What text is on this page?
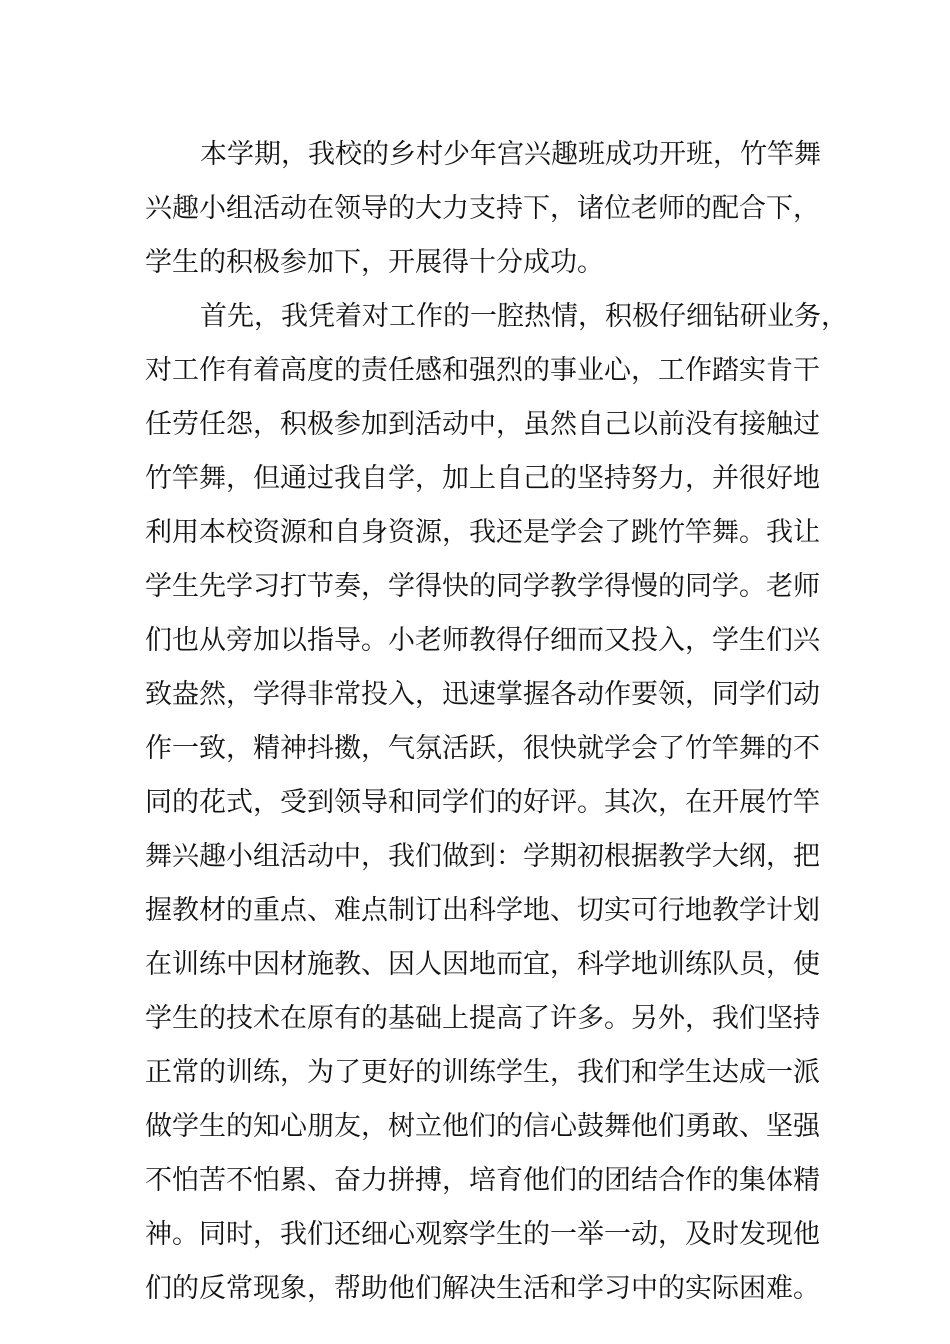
本学期，我校的乡村少年宫兴趣班成功开班，竹竿舞
兴趣小组活动在领导的大力支持下，诸位老师的配合下，
学生的积极参加下，开展得十分成功。
首先，我凭着对工作的一腔热情，积极仔细钻研业务，
对工作有着高度的责任感和强烈的事业心，工作踏实肯干
任劳任怨，积极参加到活动中，虽然自己以前没有接触过
竹竿舞，但通过我自学，加上自己的坚持努力，并很好地
利用本校资源和自身资源，我还是学会了跳竹竿舞。我让
学生先学习打节奏，学得快的同学教学得慢的同学。老师
们也从旁加以指导。小老师教得仔细而又投入，学生们兴
致盎然，学得非常投入，迅速掌握各动作要领，同学们动
作一致，精神抖擞，气氛活跃，很快就学会了竹竿舞的不
同的花式，受到领导和同学们的好评。其次，在开展竹竿
舞兴趣小组活动中，我们做到：学期初根据教学大纲，把
握教材的重点、难点制订出科学地、切实可行地教学计划
在训练中因材施教、因人因地而宜，科学地训练队员，使
学生的技术在原有的基础上提高了许多。另外，我们坚持
正常的训练，为了更好的训练学生，我们和学生达成一派
做学生的知心朋友，树立他们的信心鼓舞他们勇敢、坚强
不怕苦不怕累、奋力拼搏，培育他们的团结合作的集体精
神。同时，我们还细心观察学生的一举一动，及时发现他
们的反常现象，帮助他们解决生活和学习中的实际困难。
